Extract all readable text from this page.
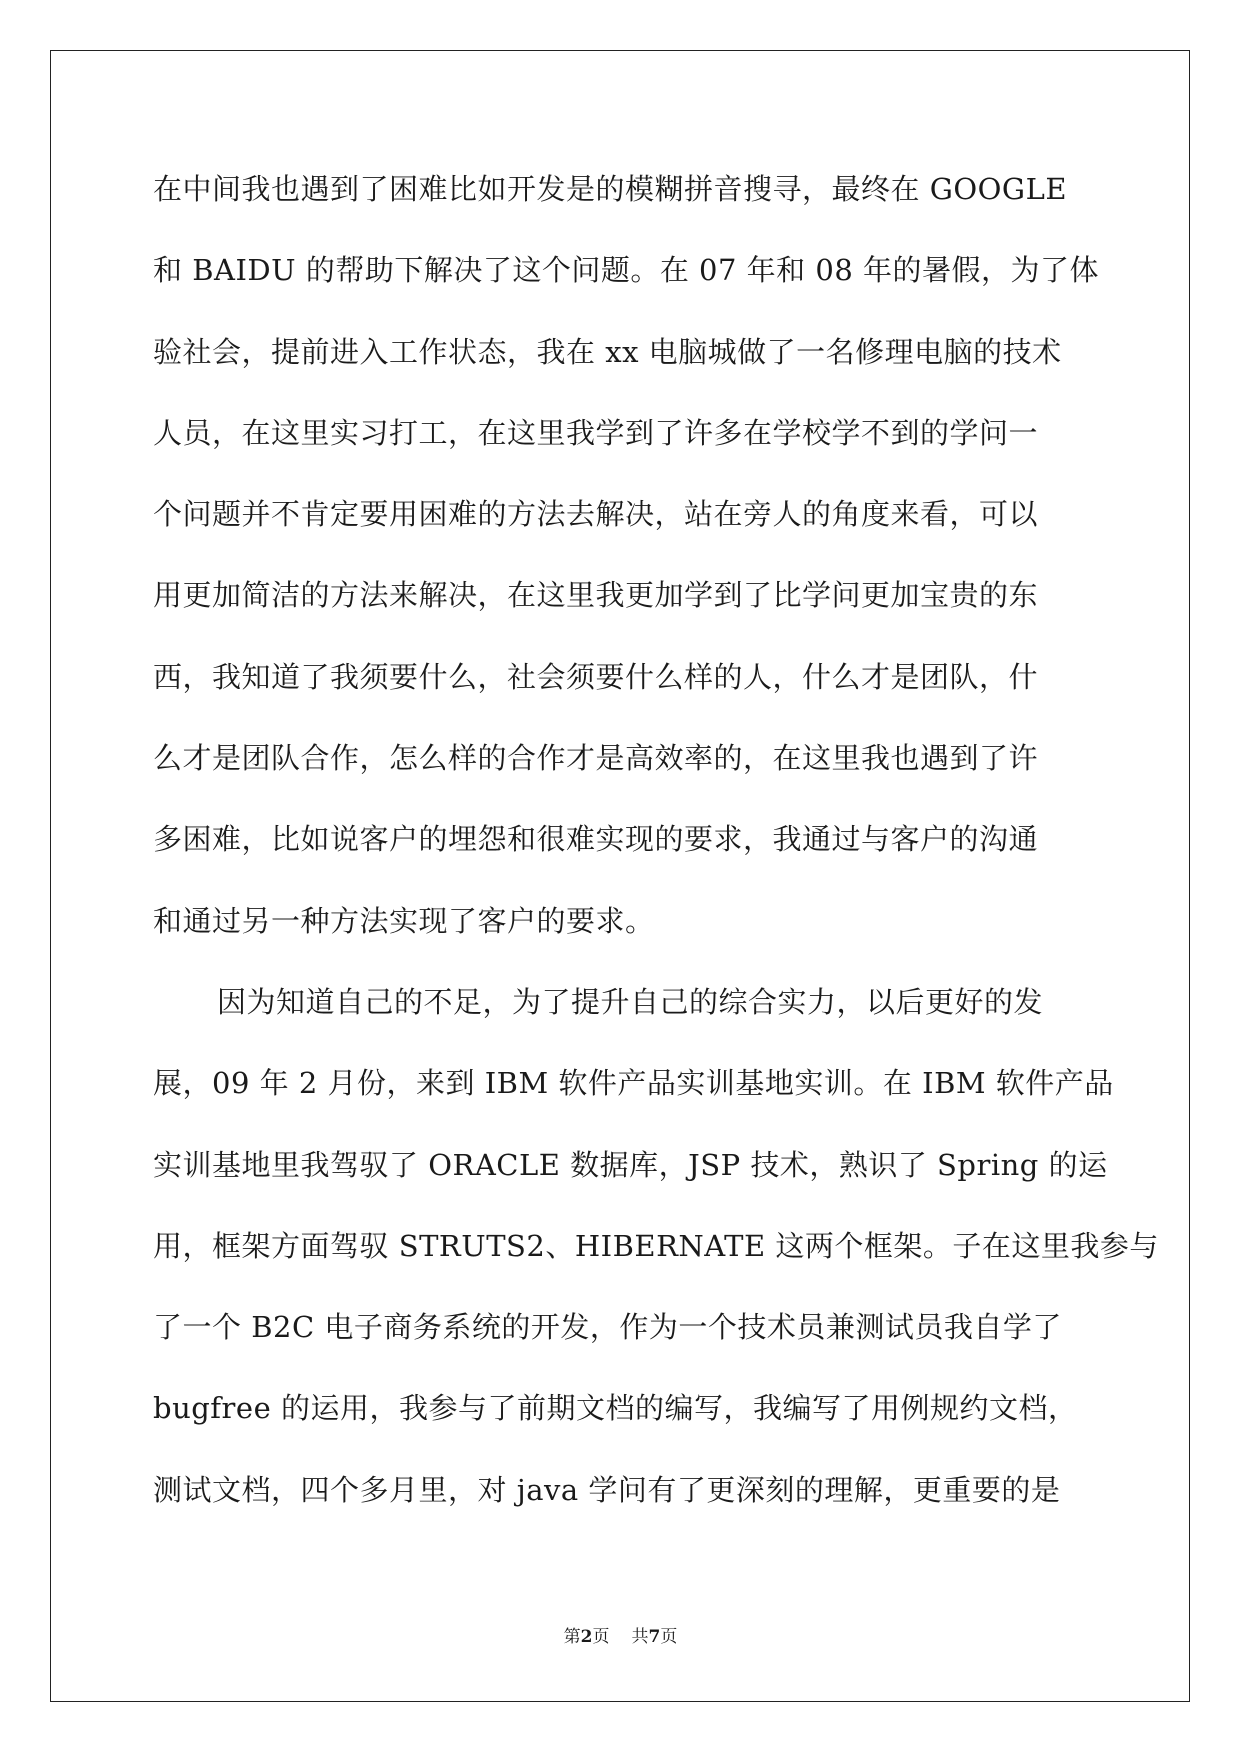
在中间我也遇到了困难比如开发是的模糊拼音搜寻，最终在 GOOGLE
和 BAIDU 的帮助下解决了这个问题。在 07 年和 08 年的暑假，为了体
验社会，提前进入工作状态，我在 xx 电脑城做了一名修理电脑的技术
人员，在这里实习打工，在这里我学到了许多在学校学不到的学问一
个问题并不肯定要用困难的方法去解决，站在旁人的角度来看，可以
用更加简洁的方法来解决，在这里我更加学到了比学问更加宝贵的东
西，我知道了我须要什么，社会须要什么样的人，什么才是团队，什
么才是团队合作，怎么样的合作才是高效率的，在这里我也遇到了许
多困难，比如说客户的埋怨和很难实现的要求，我通过与客户的沟通
和通过另一种方法实现了客户的要求。
因为知道自己的不足，为了提升自己的综合实力，以后更好的发
展，09 年 2 月份，来到 IBM 软件产品实训基地实训。在 IBM 软件产品
实训基地里我驾驭了 ORACLE 数据库，JSP 技术，熟识了 Spring 的运
用，框架方面驾驭 STRUTS2、HIBERNATE 这两个框架。子在这里我参与
了一个 B2C 电子商务系统的开发，作为一个技术员兼测试员我自学了
bugfree 的运用，我参与了前期文档的编写，我编写了用例规约文档，
测试文档，四个多月里，对 java 学问有了更深刻的理解，更重要的是
第2页 共7页
